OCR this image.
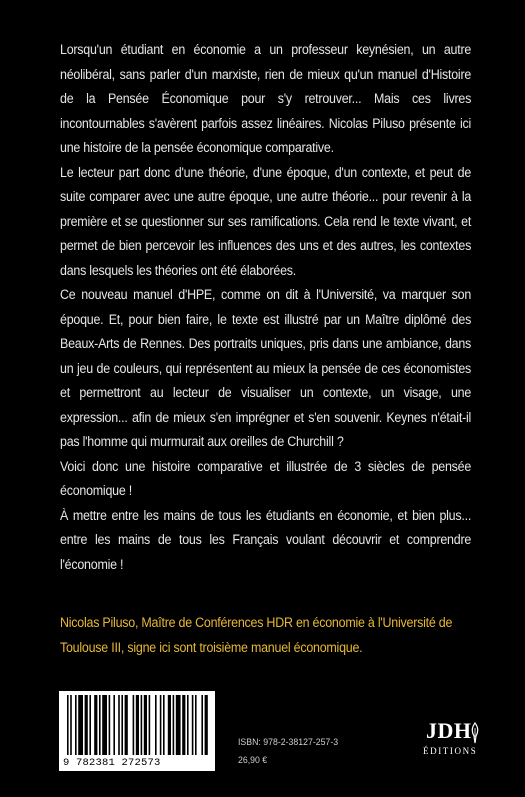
Lorsqu'un étudiant en économie a un professeur keynésien, un autre néolibéral, sans parler d'un marxiste, rien de mieux qu'un manuel d'Histoire de la Pensée Économique pour s'y retrouver... Mais ces livres incontournables s'avèrent parfois assez linéaires. Nicolas Piluso présente ici une histoire de la pensée économique comparative.

Le lecteur part donc d'une théorie, d'une époque, d'un contexte, et peut de suite comparer avec une autre époque, une autre théorie... pour revenir à la première et se questionner sur ses ramifications. Cela rend le texte vivant, et permet de bien percevoir les influences des uns et des autres, les contextes dans lesquels les théories ont été élaborées.

Ce nouveau manuel d'HPE, comme on dit à l'Université, va marquer son époque. Et, pour bien faire, le texte est illustré par un Maître diplômé des Beaux-Arts de Rennes. Des portraits uniques, pris dans une ambiance, dans un jeu de couleurs, qui représentent au mieux la pensée de ces économistes et permettront au lecteur de visualiser un contexte, un visage, une expression... afin de mieux s'en imprégner et s'en souvenir. Keynes n'était-il pas l'homme qui murmurait aux oreilles de Churchill ?

Voici donc une histoire comparative et illustrée de 3 siècles de pensée économique !

À mettre entre les mains de tous les étudiants en économie, et bien plus... entre les mains de tous les Français voulant découvrir et comprendre l'économie !

Nicolas Piluso, Maître de Conférences HDR en économie à l'Université de Toulouse III, signe ici sont troisième manuel économique.
9 782381 272573
ISBN: 978-2-38127-257-3
26,90 €
JDH
ÉDITIONS
